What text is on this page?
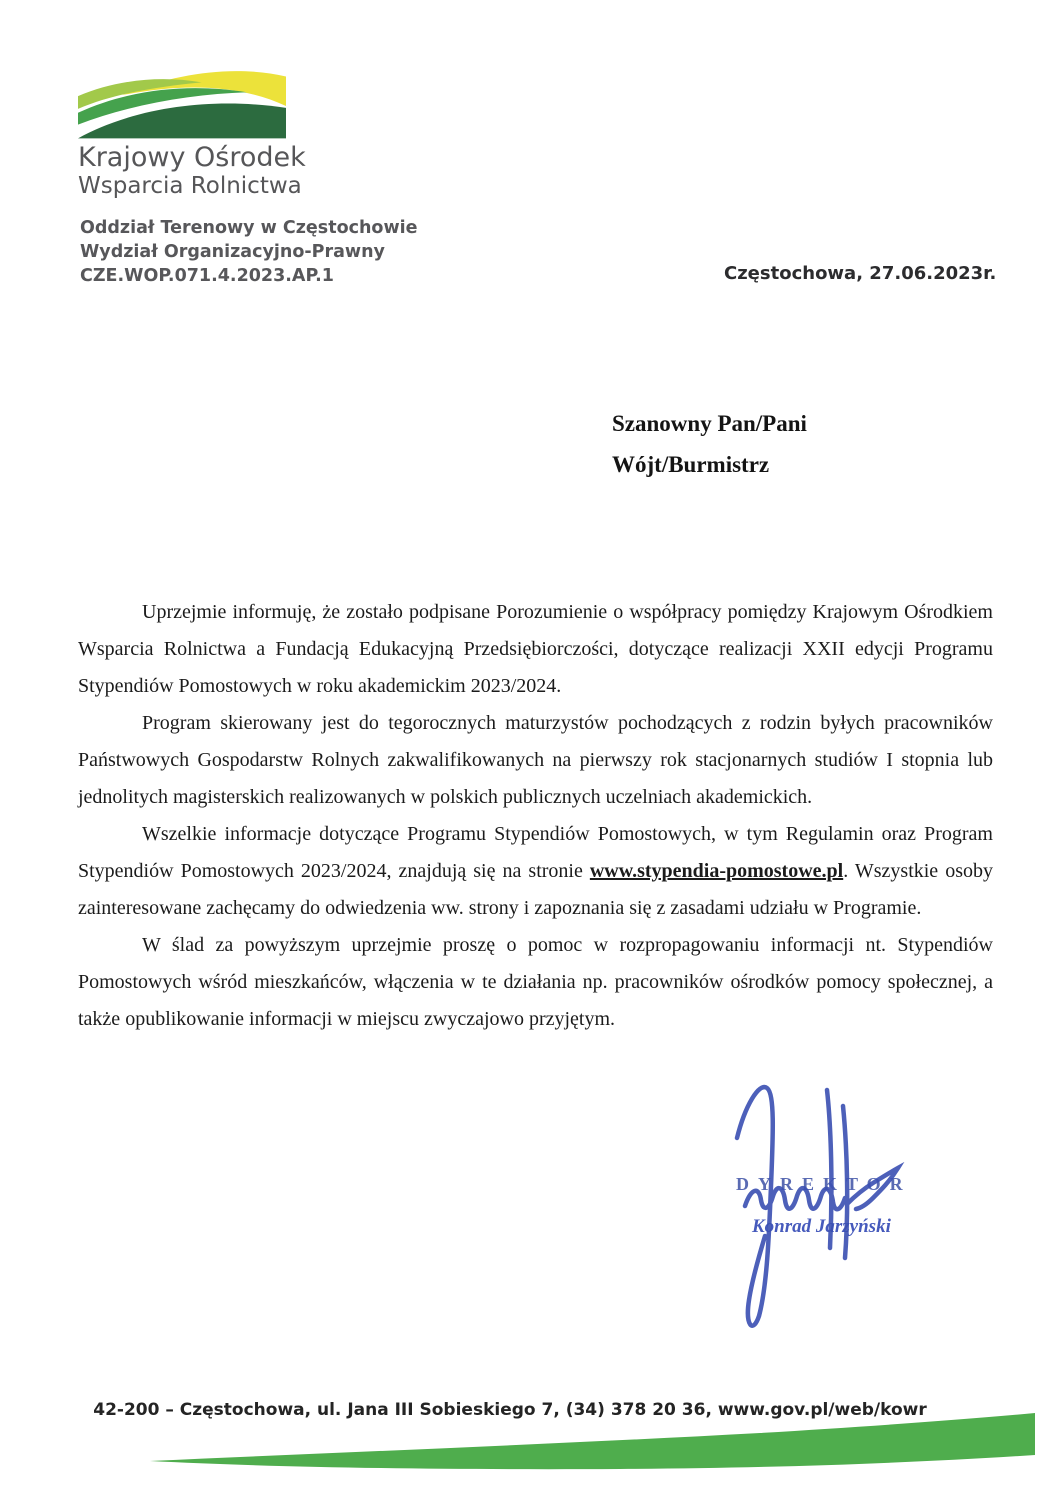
Krajowy Ośrodek
Wsparcia Rolnictwa
Oddział Terenowy w Częstochowie
Wydział Organizacyjno-Prawny
CZE.WOP.071.4.2023.AP.1	Częstochowa, 27.06.2023r.
Szanowny Pan/Pani
Wójt/Burmistrz

Uprzejmie informuję, że zostało podpisane Porozumienie o współpracy pomiędzy Krajowym Ośrodkiem Wsparcia Rolnictwa a Fundacją Edukacyjną Przedsiębiorczości, dotyczące realizacji XXII edycji Programu Stypendiów Pomostowych w roku akademickim 2023/2024.

Program skierowany jest do tegorocznych maturzystów pochodzących z rodzin byłych pracowników Państwowych Gospodarstw Rolnych zakwalifikowanych na pierwszy rok stacjonarnych studiów I stopnia lub jednolitych magisterskich realizowanych w polskich publicznych uczelniach akademickich.

Wszelkie informacje dotyczące Programu Stypendiów Pomostowych, w tym Regulamin oraz Program Stypendiów Pomostowych 2023/2024, znajdują się na stronie www.stypendia-pomostowe.pl. Wszystkie osoby zainteresowane zachęcamy do odwiedzenia ww. strony i zapoznania się z zasadami udziału w Programie.

W ślad za powyższym uprzejmie proszę o pomoc w rozpropagowaniu informacji nt. Stypendiów Pomostowych wśród mieszkańców, włączenia w te działania np. pracowników ośrodków pomocy społecznej, a także opublikowanie informacji w miejscu zwyczajowo przyjętym.

DYREKTOR
Konrad Jarzyński
42-200 – Częstochowa, ul. Jana III Sobieskiego 7, (34) 378 20 36, www.gov.pl/web/kowr
